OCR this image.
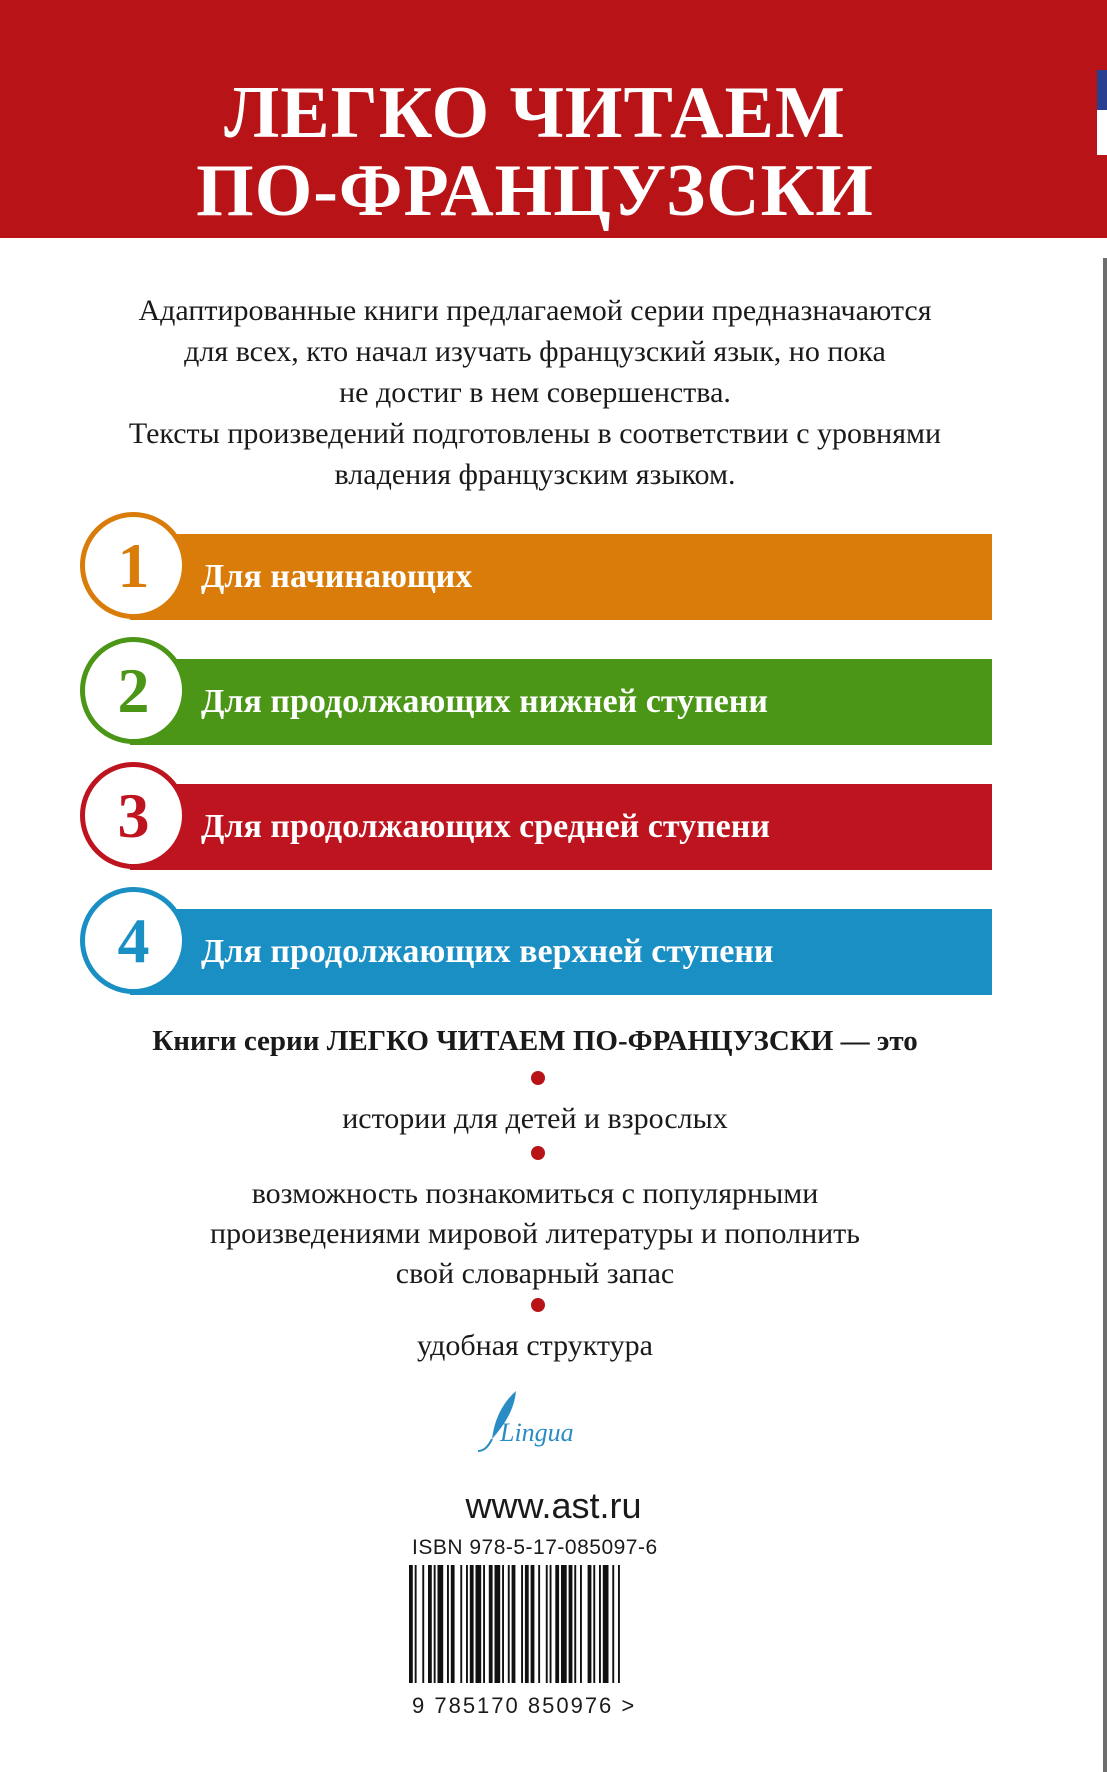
ЛЕГКО ЧИТАЕМ
ПО-ФРАНЦУЗСКИ

Адаптированные книги предлагаемой серии предназначаются
для всех, кто начал изучать французский язык, но пока
не достиг в нем совершенства.
Тексты произведений подготовлены в соответствии с уровнями
владения французским языком.

1	Для начинающих
2	Для продолжающих нижней ступени
3	Для продолжающих средней ступени
4	Для продолжающих верхней ступени

Книги серии ЛЕГКО ЧИТАЕМ ПО-ФРАНЦУЗСКИ — это

истории для детей и взрослых

возможность познакомиться с популярными
произведениями мировой литературы и пополнить
свой словарный запас

удобная структура

Lingua
www.ast.ru
ISBN 978-5-17-085097-6
9 785170 850976 >
